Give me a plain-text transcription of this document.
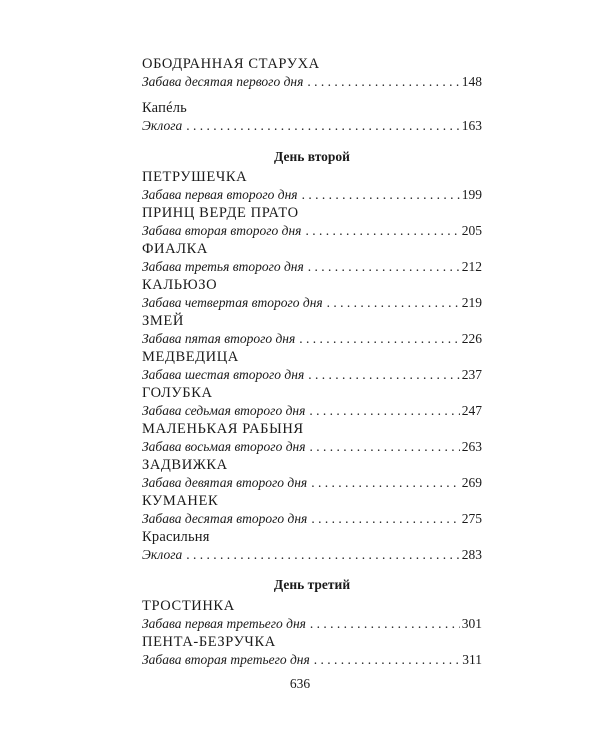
ОБОДРАННАЯ СТАРУХА
Забава десятая первого дня . . .	148
Капéль
Эклога . . .	163
День второй
ПЕТРУШЕЧКА
Забава первая второго дня . . .	199
ПРИНЦ ВЕРДЕ ПРАТО
Забава вторая второго дня . . .	205
ФИАЛКА
Забава третья второго дня . . .	212
КАЛЬЮЗО
Забава четвертая второго дня . . .	219
ЗМЕЙ
Забава пятая второго дня . . .	226
МЕДВЕДИЦА
Забава шестая второго дня . . .	237
ГОЛУБКА
Забава седьмая второго дня . . .	247
МАЛЕНЬКАЯ РАБЫНЯ
Забава восьмая второго дня . . .	263
ЗАДВИЖКА
Забава девятая второго дня . . .	269
КУМАНЕК
Забава десятая второго дня . . .	275
Красильня
Эклога . . .	283
День третий
ТРОСТИНКА
Забава первая третьего дня . . .	301
ПЕНТА-БЕЗРУЧКА
Забава вторая третьего дня . . .	311
636
